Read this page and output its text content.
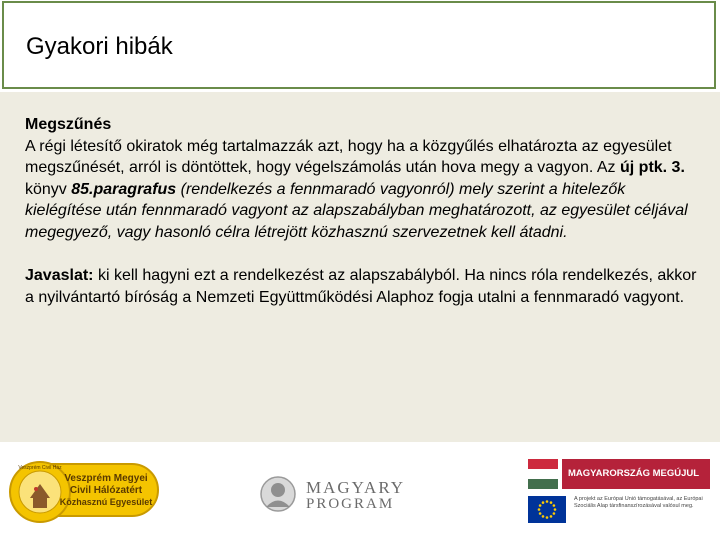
Gyakori hibák

Megszűnés

A régi létesítő okiratok még tartalmazzák azt, hogy ha a közgyűlés elhatározta az egyesület megszűnését, arról is döntöttek, hogy végelszámolás után hova megy a vagyon. Az új ptk. 3. könyv 85.paragrafus (rendelkezés a fennmaradó vagyonról) mely szerint a hitelezők kielégítése után fennmaradó vagyont az alapszabályban meghatározott, az egyesület céljával megegyező, vagy hasonló célra létrejött közhasznú szervezetnek kell átadni.

Javaslat: ki kell hagyni ezt a rendelkezést az alapszabályból. Ha nincs róla rendelkezés, akkor a nyilvántartó bíróság a Nemzeti Együttműködési Alaphoz fogja utalni a fennmaradó vagyont.

Veszprém Civil Ház
Veszprém Megyei
Civil Hálózatért
Közhasznú Egyesület
MAGYARY
PROGRAM
MAGYARORSZÁG MEGÚJUL
A projekt az Európai Unió támogatásával, az Európai Szociális Alap társfinanszírozásával valósul meg.
